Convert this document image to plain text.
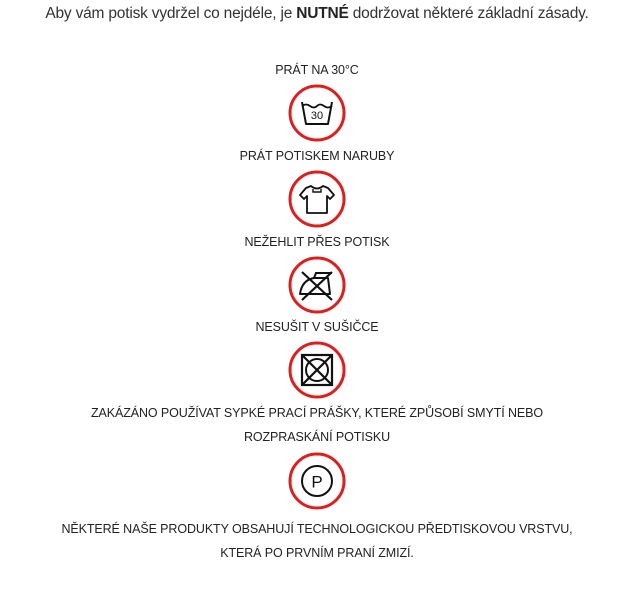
Aby vám potisk vydržel co nejdéle, je NUTNÉ dodržovat některé základní zásady.
PRÁT NA 30°C
30
PRÁT POTISKEM NARUBY
NEŽEHLIT PŘES POTISK
NESUŠIT V SUŠIČCE
ZAKÁZÁNO POUŽÍVAT SYPKÉ PRACÍ PRÁŠKY, KTERÉ ZPŮSOBÍ SMYTÍ NEBO
ROZPRASKÁNÍ POTISKU
P
NĚKTERÉ NAŠE PRODUKTY OBSAHUJÍ TECHNOLOGICKOU PŘEDTISKOVOU VRSTVU,
KTERÁ PO PRVNÍM PRANÍ ZMIZÍ.
